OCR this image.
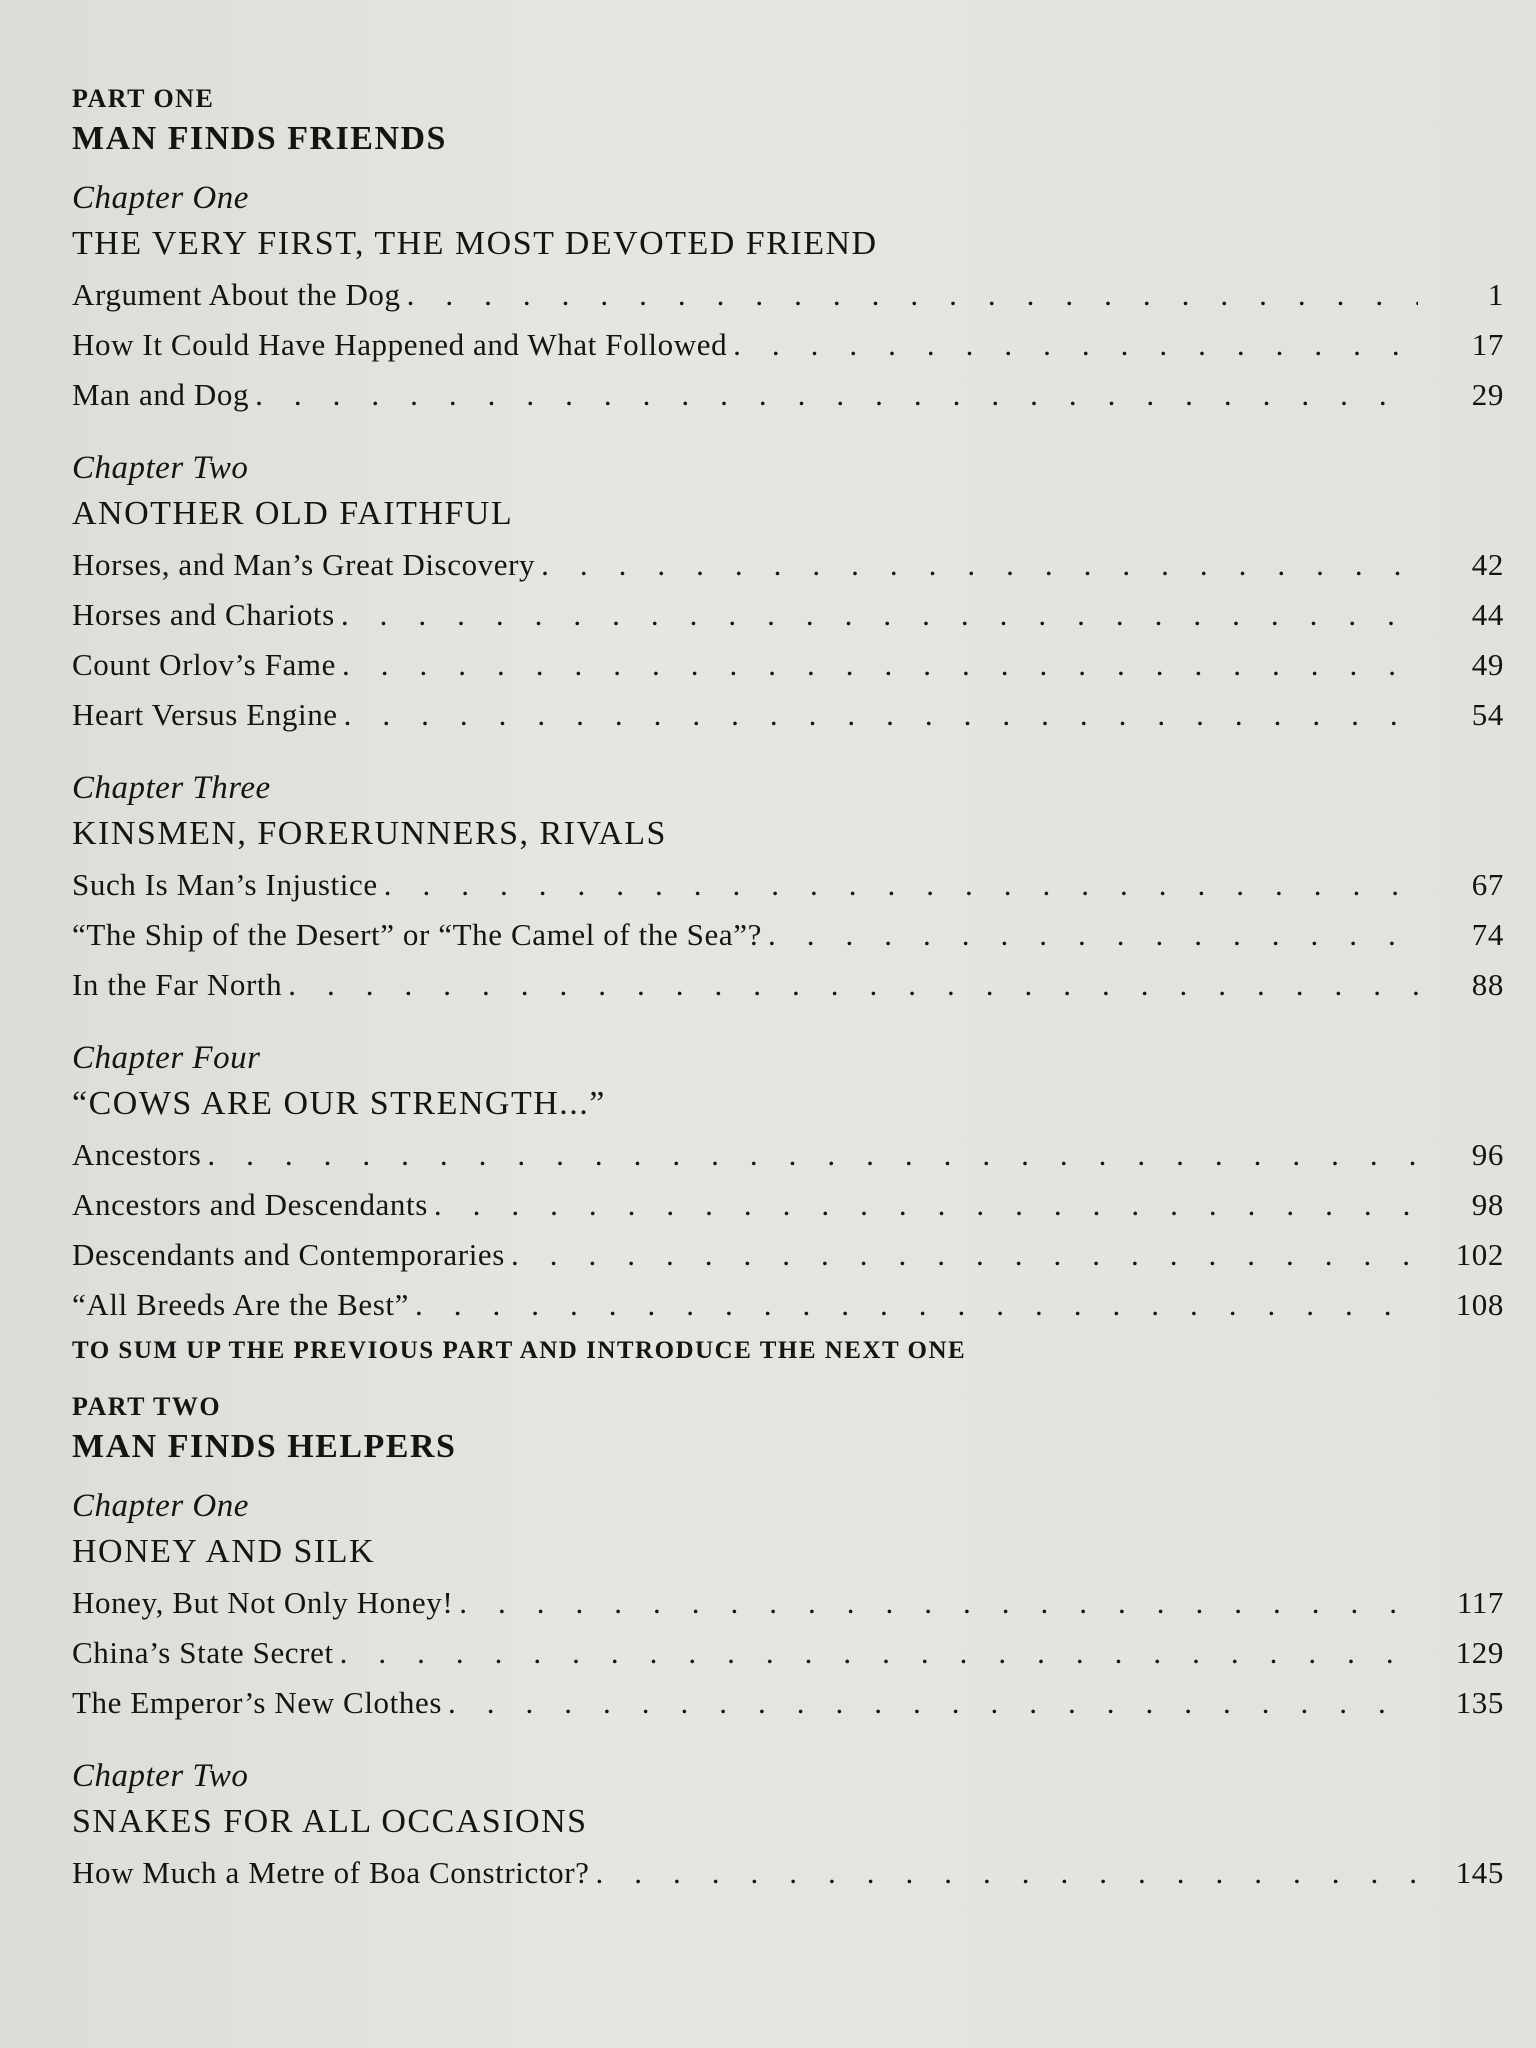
PART ONE
MAN FINDS FRIENDS
Chapter One
THE VERY FIRST, THE MOST DEVOTED FRIEND
Argument About the Dog .	1
How It Could Have Happened and What Followed .	17
Man and Dog .	29
Chapter Two
ANOTHER OLD FAITHFUL
Horses, and Man’s Great Discovery .	42
Horses and Chariots .	44
Count Orlov’s Fame .	49
Heart Versus Engine .	54
Chapter Three
KINSMEN, FORERUNNERS, RIVALS
Such Is Man’s Injustice .	67
“The Ship of the Desert” or “The Camel of the Sea”? .	74
In the Far North .	88
Chapter Four
“COWS ARE OUR STRENGTH...”
Ancestors .	96
Ancestors and Descendants .	98
Descendants and Contemporaries .	102
“All Breeds Are the Best” .	108
TO SUM UP THE PREVIOUS PART AND INTRODUCE THE NEXT ONE
PART TWO
MAN FINDS HELPERS
Chapter One
HONEY AND SILK
Honey, But Not Only Honey! .	117
China’s State Secret .	129
The Emperor’s New Clothes .	135
Chapter Two
SNAKES FOR ALL OCCASIONS
How Much a Metre of Boa Constrictor? .	145
